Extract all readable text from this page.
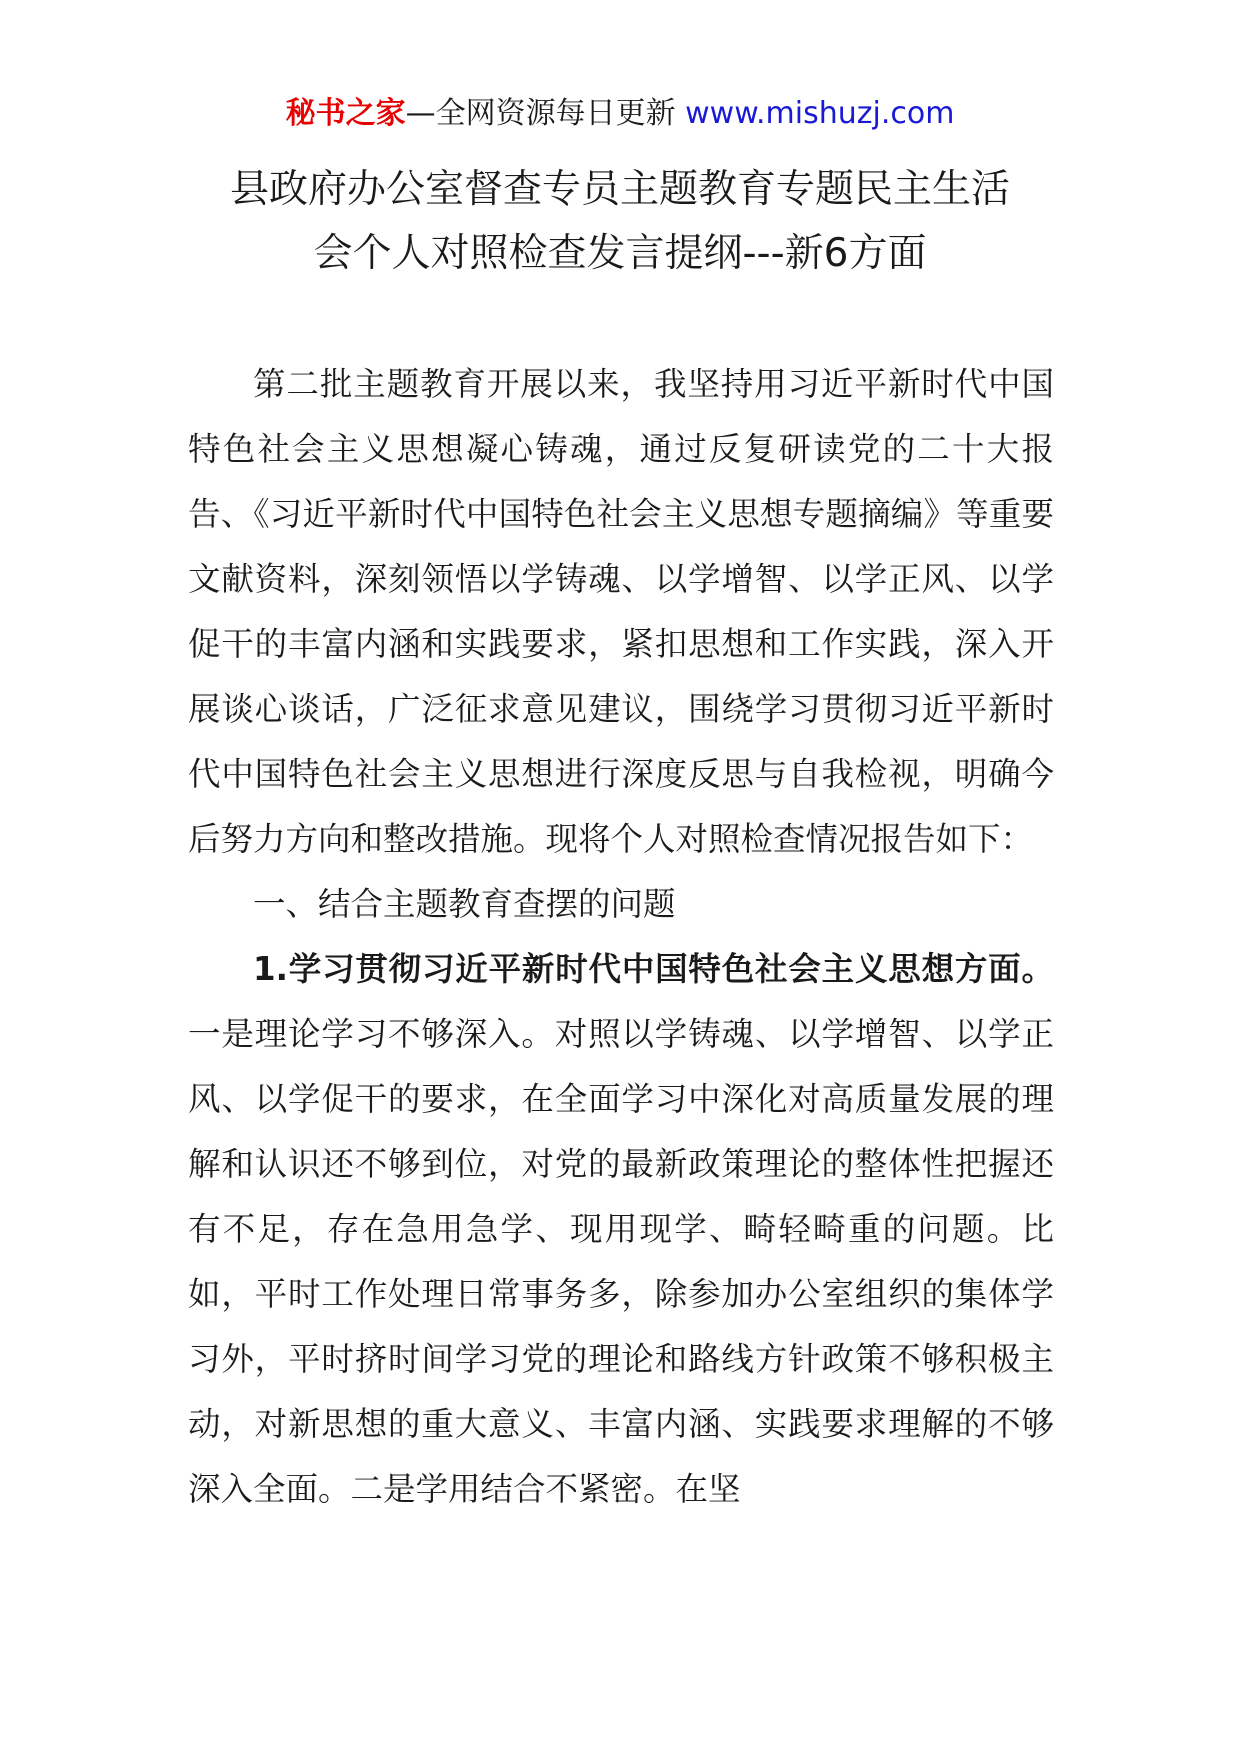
秘书之家—全网资源每日更新 www.mishuzj.com
县政府办公室督查专员主题教育专题民主生活
会个人对照检查发言提纲---新6方面

第二批主题教育开展以来，我坚持用习近平新时代中国特色社会主义思想凝心铸魂，通过反复研读党的二十大报告、《习近平新时代中国特色社会主义思想专题摘编》等重要文献资料，深刻领悟以学铸魂、以学增智、以学正风、以学促干的丰富内涵和实践要求，紧扣思想和工作实践，深入开展谈心谈话，广泛征求意见建议，围绕学习贯彻习近平新时代中国特色社会主义思想进行深度反思与自我检视，明确今后努力方向和整改措施。现将个人对照检查情况报告如下：

一、结合主题教育查摆的问题

1.学习贯彻习近平新时代中国特色社会主义思想方面。一是理论学习不够深入。对照以学铸魂、以学增智、以学正风、以学促干的要求，在全面学习中深化对高质量发展的理解和认识还不够到位，对党的最新政策理论的整体性把握还有不足，存在急用急学、现用现学、畸轻畸重的问题。比如，平时工作处理日常事务多，除参加办公室组织的集体学习外，平时挤时间学习党的理论和路线方针政策不够积极主动，对新思想的重大意义、丰富内涵、实践要求理解的不够深入全面。二是学用结合不紧密。在坚
